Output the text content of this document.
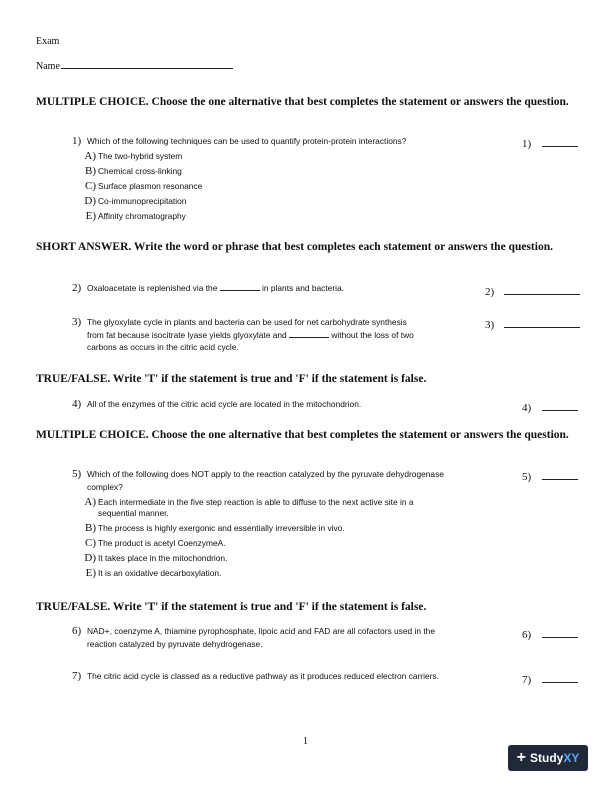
Exam
Name
MULTIPLE CHOICE. Choose the one alternative that best completes the statement or answers the question.
1) Which of the following techniques can be used to quantify protein-protein interactions?
A) The two-hybrid system
B) Chemical cross-linking
C) Surface plasmon resonance
D) Co-immunoprecipitation
E) Affinity chromatography
1)
SHORT ANSWER. Write the word or phrase that best completes each statement or answers the question.
2) Oxaloacetate is replenished via the	in plants and bacteria.	2)
3) The glyoxylate cycle in plants and bacteria can be used for net carbohydrate synthesis
from fat because isocitrate lyase yields glyoxylate and	without the loss of two
carbons as occurs in the citric acid cycle.
3)
TRUE/FALSE. Write 'T' if the statement is true and 'F' if the statement is false.
4) All of the enzymes of the citric acid cycle are located in the mitochondrion.	4)
MULTIPLE CHOICE. Choose the one alternative that best completes the statement or answers the question.
5) Which of the following does NOT apply to the reaction catalyzed by the pyruvate dehydrogenase
complex?
A) Each intermediate in the five step reaction is able to diffuse to the next active site in a
sequential manner.
B) The process is highly exergonic and essentially irreversible in vivo.
C) The product is acetyl CoenzymeA.
D) It takes place in the mitochondrion.
E) It is an oxidative decarboxylation.
5)
TRUE/FALSE. Write 'T' if the statement is true and 'F' if the statement is false.
6) NAD+, coenzyme A, thiamine pyrophosphate, lipoic acid and FAD are all cofactors used in the
reaction catalyzed by pyruvate dehydrogenase.
6)
7) The citric acid cycle is classed as a reductive pathway as it produces reduced electron carriers.	7)
1
+ Study XY
